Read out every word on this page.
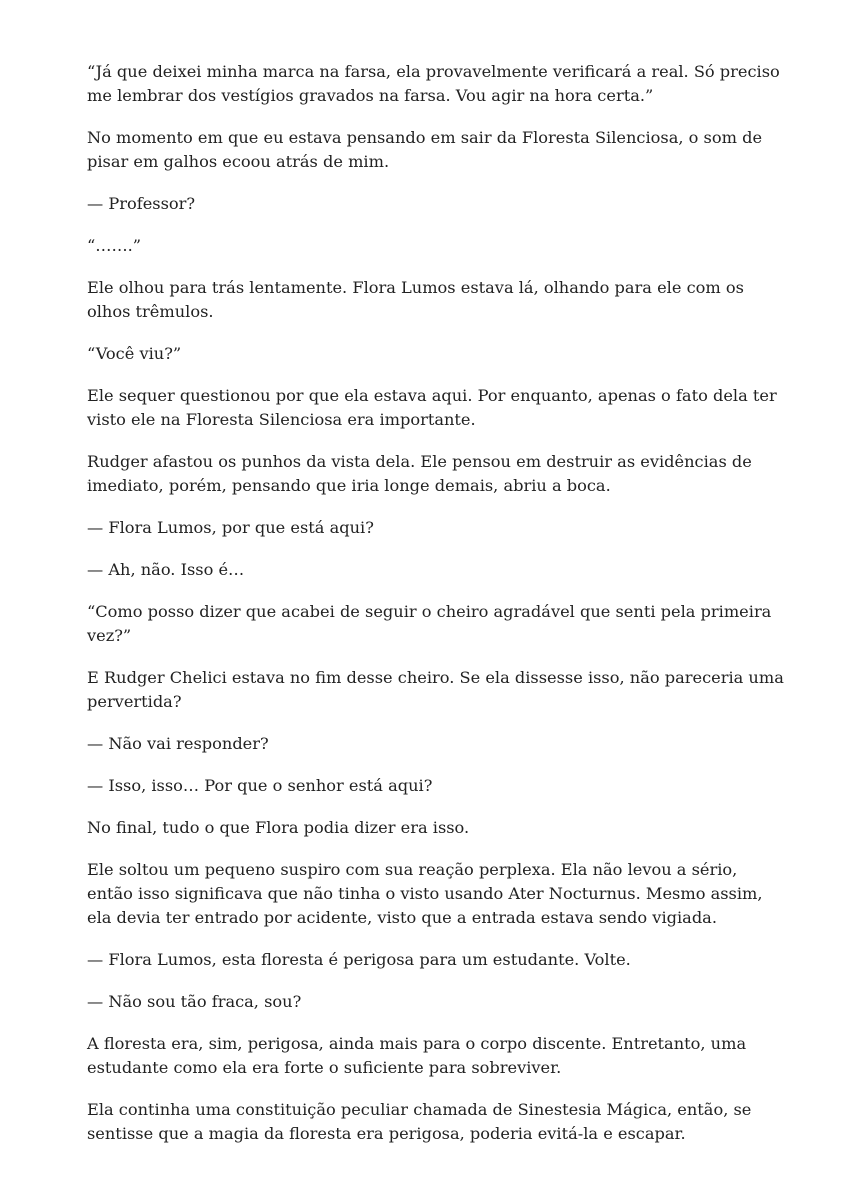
“Já que deixei minha marca na farsa, ela provavelmente verificará a real. Só preciso me lembrar dos vestígios gravados na farsa. Vou agir na hora certa.”

No momento em que eu estava pensando em sair da Floresta Silenciosa, o som de pisar em galhos ecoou atrás de mim.

— Professor?

“…….”

Ele olhou para trás lentamente. Flora Lumos estava lá, olhando para ele com os olhos trêmulos.

“Você viu?”

Ele sequer questionou por que ela estava aqui. Por enquanto, apenas o fato dela ter visto ele na Floresta Silenciosa era importante.

Rudger afastou os punhos da vista dela. Ele pensou em destruir as evidências de imediato, porém, pensando que iria longe demais, abriu a boca.

— Flora Lumos, por que está aqui?

— Ah, não. Isso é…

“Como posso dizer que acabei de seguir o cheiro agradável que senti pela primeira vez?”

E Rudger Chelici estava no fim desse cheiro. Se ela dissesse isso, não pareceria uma pervertida?

— Não vai responder?

— Isso, isso… Por que o senhor está aqui?

No final, tudo o que Flora podia dizer era isso.

Ele soltou um pequeno suspiro com sua reação perplexa. Ela não levou a sério, então isso significava que não tinha o visto usando Ater Nocturnus. Mesmo assim, ela devia ter entrado por acidente, visto que a entrada estava sendo vigiada.

— Flora Lumos, esta floresta é perigosa para um estudante. Volte.

— Não sou tão fraca, sou?

A floresta era, sim, perigosa, ainda mais para o corpo discente. Entretanto, uma estudante como ela era forte o suficiente para sobreviver.

Ela continha uma constituição peculiar chamada de Sinestesia Mágica, então, se sentisse que a magia da floresta era perigosa, poderia evitá-la e escapar.
